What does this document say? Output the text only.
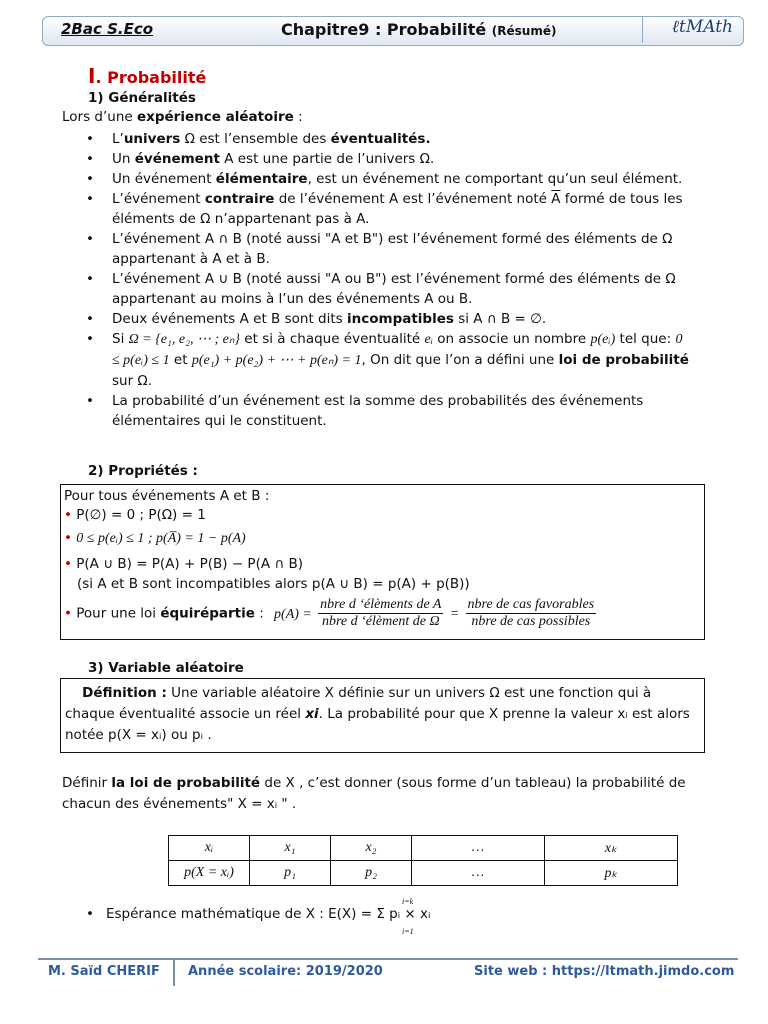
2Bac S.Eco	Chapitre9 : Probabilité (Résumé)	ℓtMAth
I. Probabilité
1) Généralités
Lors d’une expérience aléatoire :
• L’univers Ω est l’ensemble des éventualités.
• Un événement A est une partie de l’univers Ω.
• Un événement élémentaire, est un événement ne comportant qu’un seul élément.
• L’événement contraire de l’événement A est l’événement noté $\overline{A}$ formé de tous les éléments de Ω n’appartenant pas à A.
• L’événement A ∩ B (noté aussi "A et B") est l’événement formé des éléments de Ω appartenant à A et à B.
• L’événement A ∪ B (noté aussi "A ou B") est l’événement formé des éléments de Ω appartenant au moins à l’un des événements A ou B.
• Deux événements A et B sont dits incompatibles si A ∩ B = ∅.
• Si Ω = {e₁, e₂, ⋯ ; eₙ} et si à chaque éventualité eᵢ on associe un nombre p(eᵢ) tel que: 0 ≤ p(eᵢ) ≤ 1 et p(e₁) + p(e₂) + ⋯ + p(eₙ) = 1, On dit que l’on a défini une loi de probabilité sur Ω.
• La probabilité d’un événement est la somme des probabilités des événements élémentaires qui le constituent.
2) Propriétés :
Pour tous événements A et B :
• P(∅) = 0 ; P(Ω) = 1
• 0 ≤ p(eᵢ) ≤ 1 ; p(A̅) = 1 − p(A)
• P(A ∪ B) = P(A) + P(B) − P(A ∩ B)
(si A et B sont incompatibles alors p(A ∪ B) = p(A) + p(B))
• Pour une loi équirépartie : $p(A) = \frac{\text{nbre d ‘élèments de A}}{\text{nbre d ‘élèment de Ω}} = \frac{\text{nbre de cas favorables}}{\text{nbre de cas possibles}}$
3) Variable aléatoire
Définition : Une variable aléatoire X définie sur un univers Ω est une fonction qui à chaque éventualité associe un réel xi. La probabilité pour que X prenne la valeur xᵢ est alors notée p(X = xᵢ) ou pᵢ .
Définir la loi de probabilité de X , c’est donner (sous forme d’un tableau) la probabilité de chacun des événements" X = xᵢ " .
xᵢ	x₁	x₂	…	xₖ
p(X = xᵢ)	p₁	p₂	…	pₖ
• Espérance mathématique de X : E(X) = Σ pᵢ × xᵢ
i=k
i=1
M. Saïd CHERIF Année scolaire: 2019/2020	Site web : https://ltmath.jimdo.com
